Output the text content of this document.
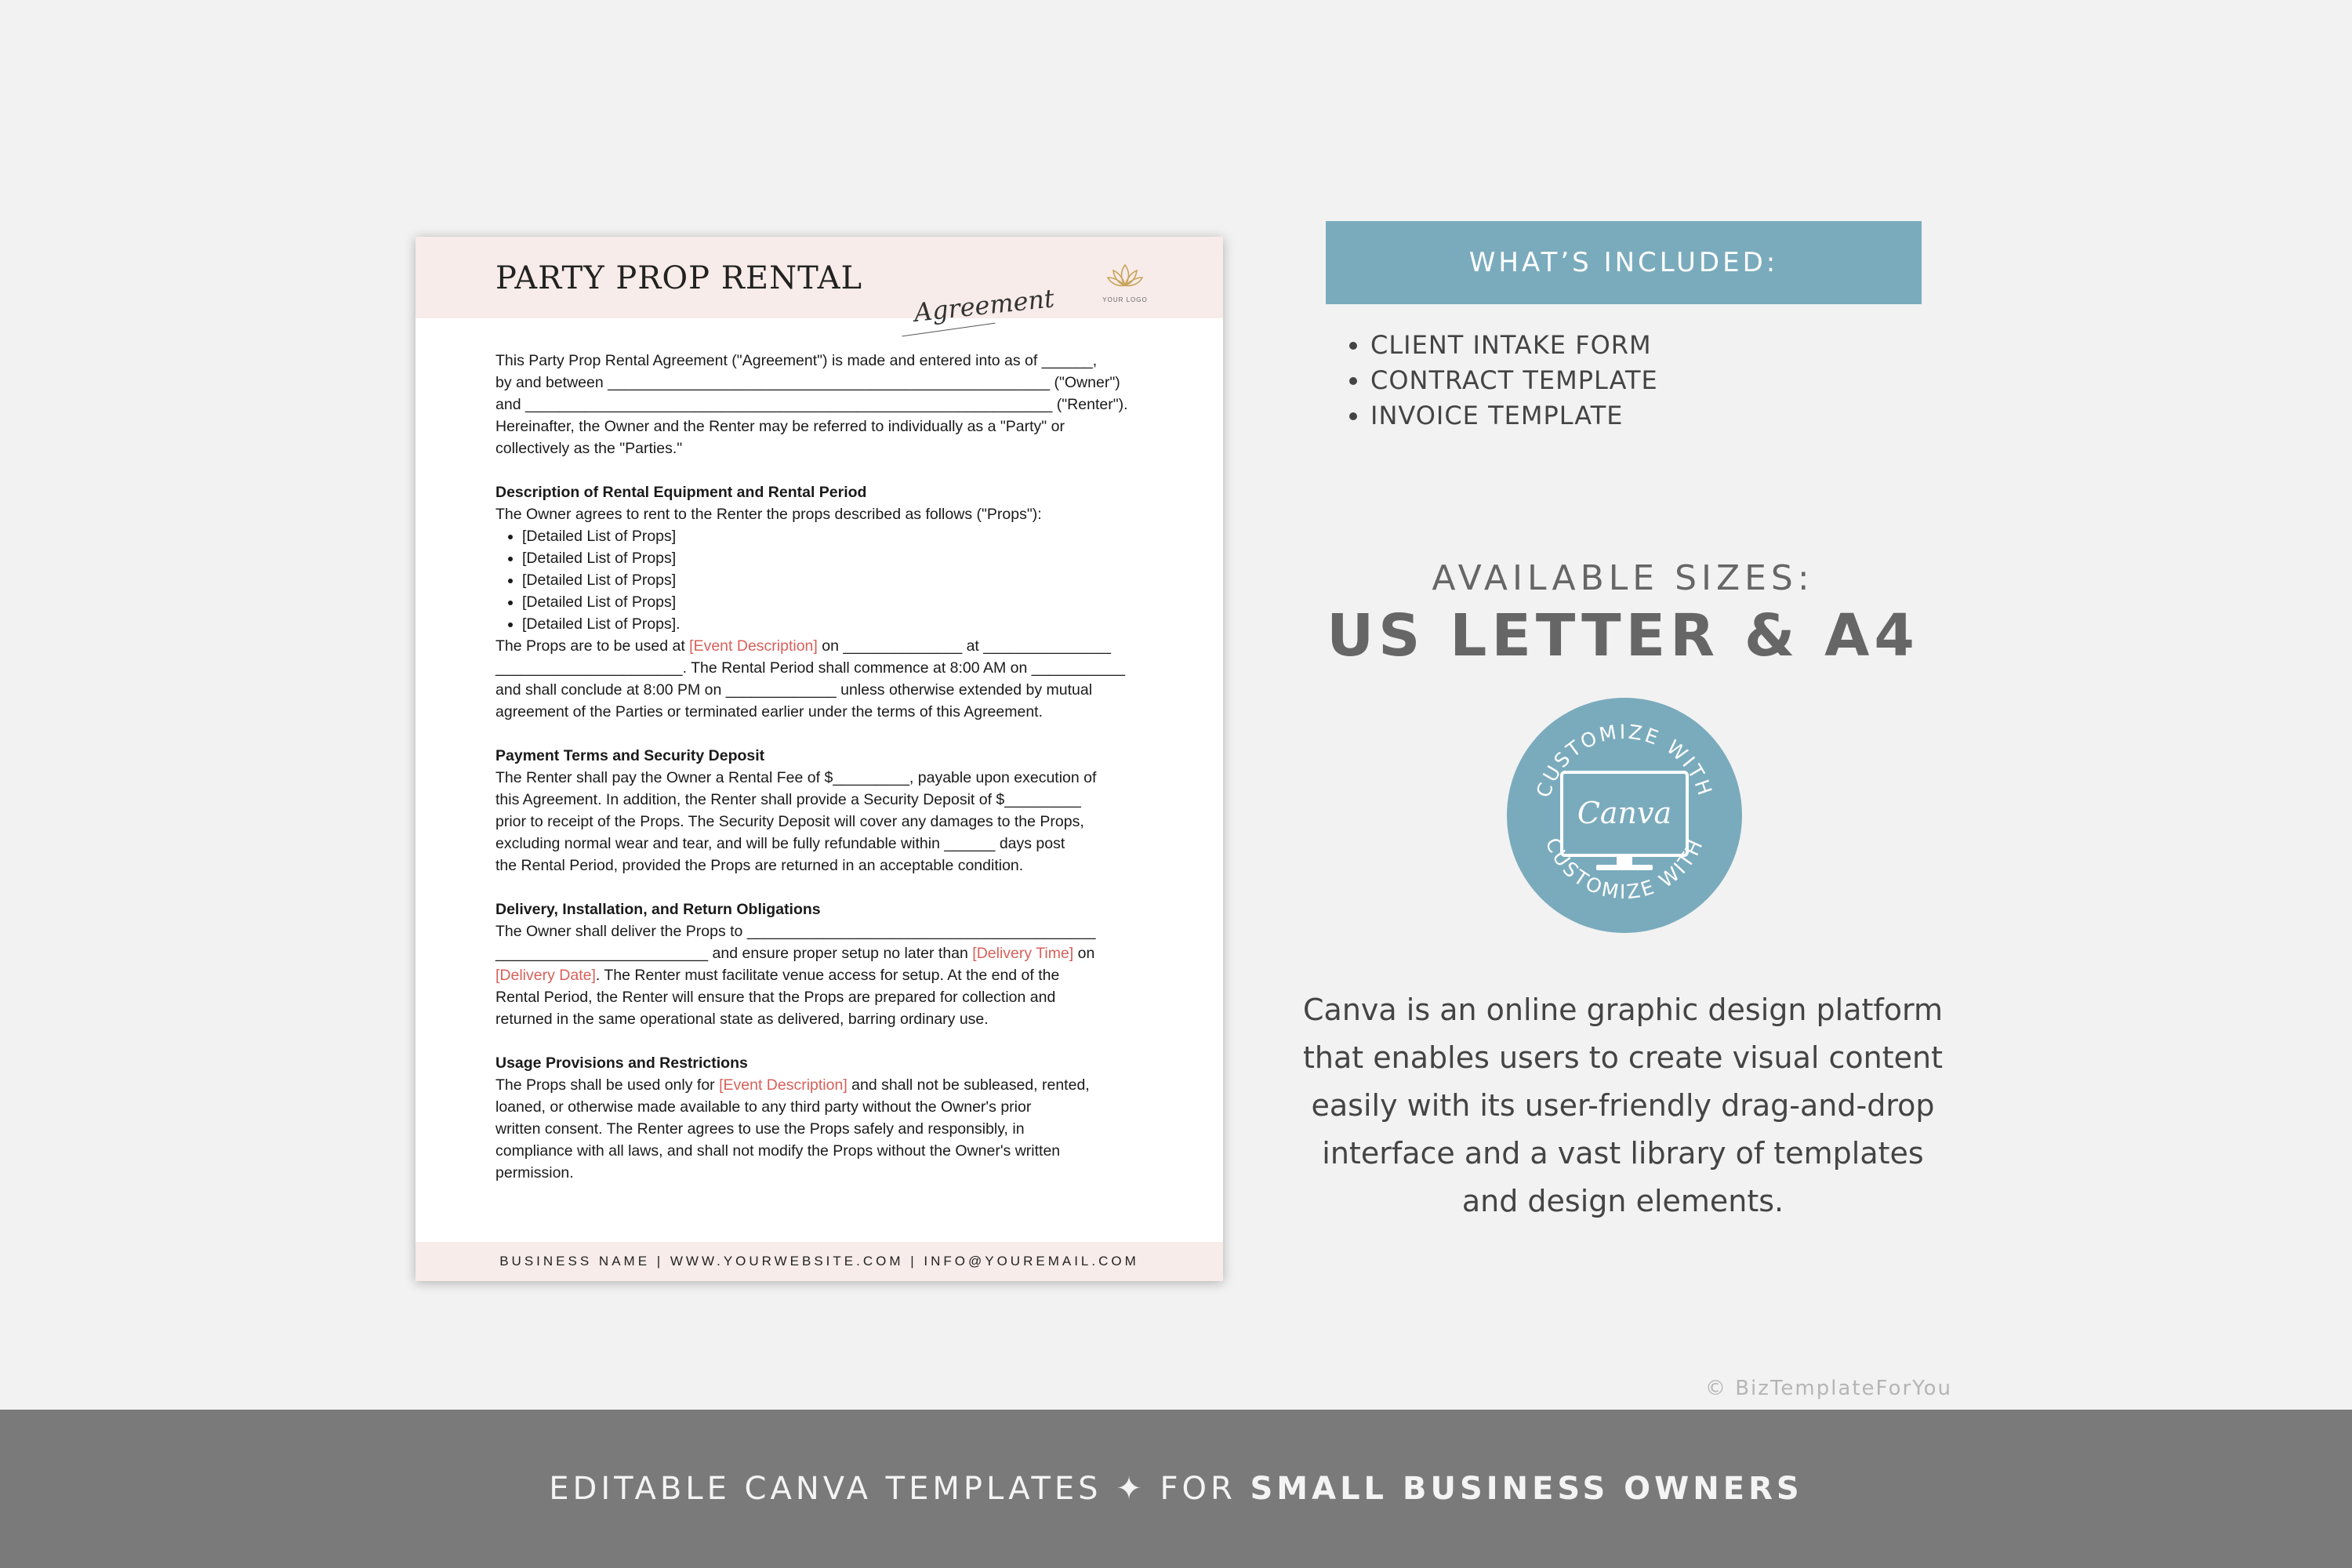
PARTY PROP RENTAL
Agreement	YOUR LOGO

This Party Prop Rental Agreement ("Agreement") is made and entered into as of ______,
by and between ____________________________________________________ ("Owner")
and ______________________________________________________________ ("Renter").
Hereinafter, the Owner and the Renter may be referred to individually as a "Party" or
collectively as the "Parties."

Description of Rental Equipment and Rental Period

The Owner agrees to rent to the Renter the props described as follows ("Props"):

• [Detailed List of Props]
• [Detailed List of Props]
• [Detailed List of Props]
• [Detailed List of Props]
• [Detailed List of Props].

The Props are to be used at [Event Description] on ______________ at _______________
______________________. The Rental Period shall commence at 8:00 AM on ___________
and shall conclude at 8:00 PM on _____________ unless otherwise extended by mutual
agreement of the Parties or terminated earlier under the terms of this Agreement.

Payment Terms and Security Deposit

The Renter shall pay the Owner a Rental Fee of $_________, payable upon execution of
this Agreement. In addition, the Renter shall provide a Security Deposit of $_________
prior to receipt of the Props. The Security Deposit will cover any damages to the Props,
excluding normal wear and tear, and will be fully refundable within ______ days post
the Rental Period, provided the Props are returned in an acceptable condition.

Delivery, Installation, and Return Obligations

The Owner shall deliver the Props to _________________________________________
_________________________ and ensure proper setup no later than [Delivery Time] on
[Delivery Date]. The Renter must facilitate venue access for setup. At the end of the
Rental Period, the Renter will ensure that the Props are prepared for collection and
returned in the same operational state as delivered, barring ordinary use.

Usage Provisions and Restrictions

The Props shall be used only for [Event Description] and shall not be subleased, rented,
loaned, or otherwise made available to any third party without the Owner's prior
written consent. The Renter agrees to use the Props safely and responsibly, in
compliance with all laws, and shall not modify the Props without the Owner's written
permission.

BUSINESS NAME | WWW.YOURWEBSITE.COM | INFO@YOUREMAIL.COM
WHAT’S INCLUDED:
• CLIENT INTAKE FORM
• CONTRACT TEMPLATE
• INVOICE TEMPLATE
AVAILABLE SIZES:
US LETTER & A4
CUSTOMIZE WITH
CUSTOMIZE WITH
Canva
Canva is an online graphic design platform
that enables users to create visual content
easily with its user-friendly drag-and-drop
interface and a vast library of templates
and design elements.
© BizTemplateForYou
EDITABLE CANVA TEMPLATES ✦ FOR SMALL BUSINESS OWNERS
